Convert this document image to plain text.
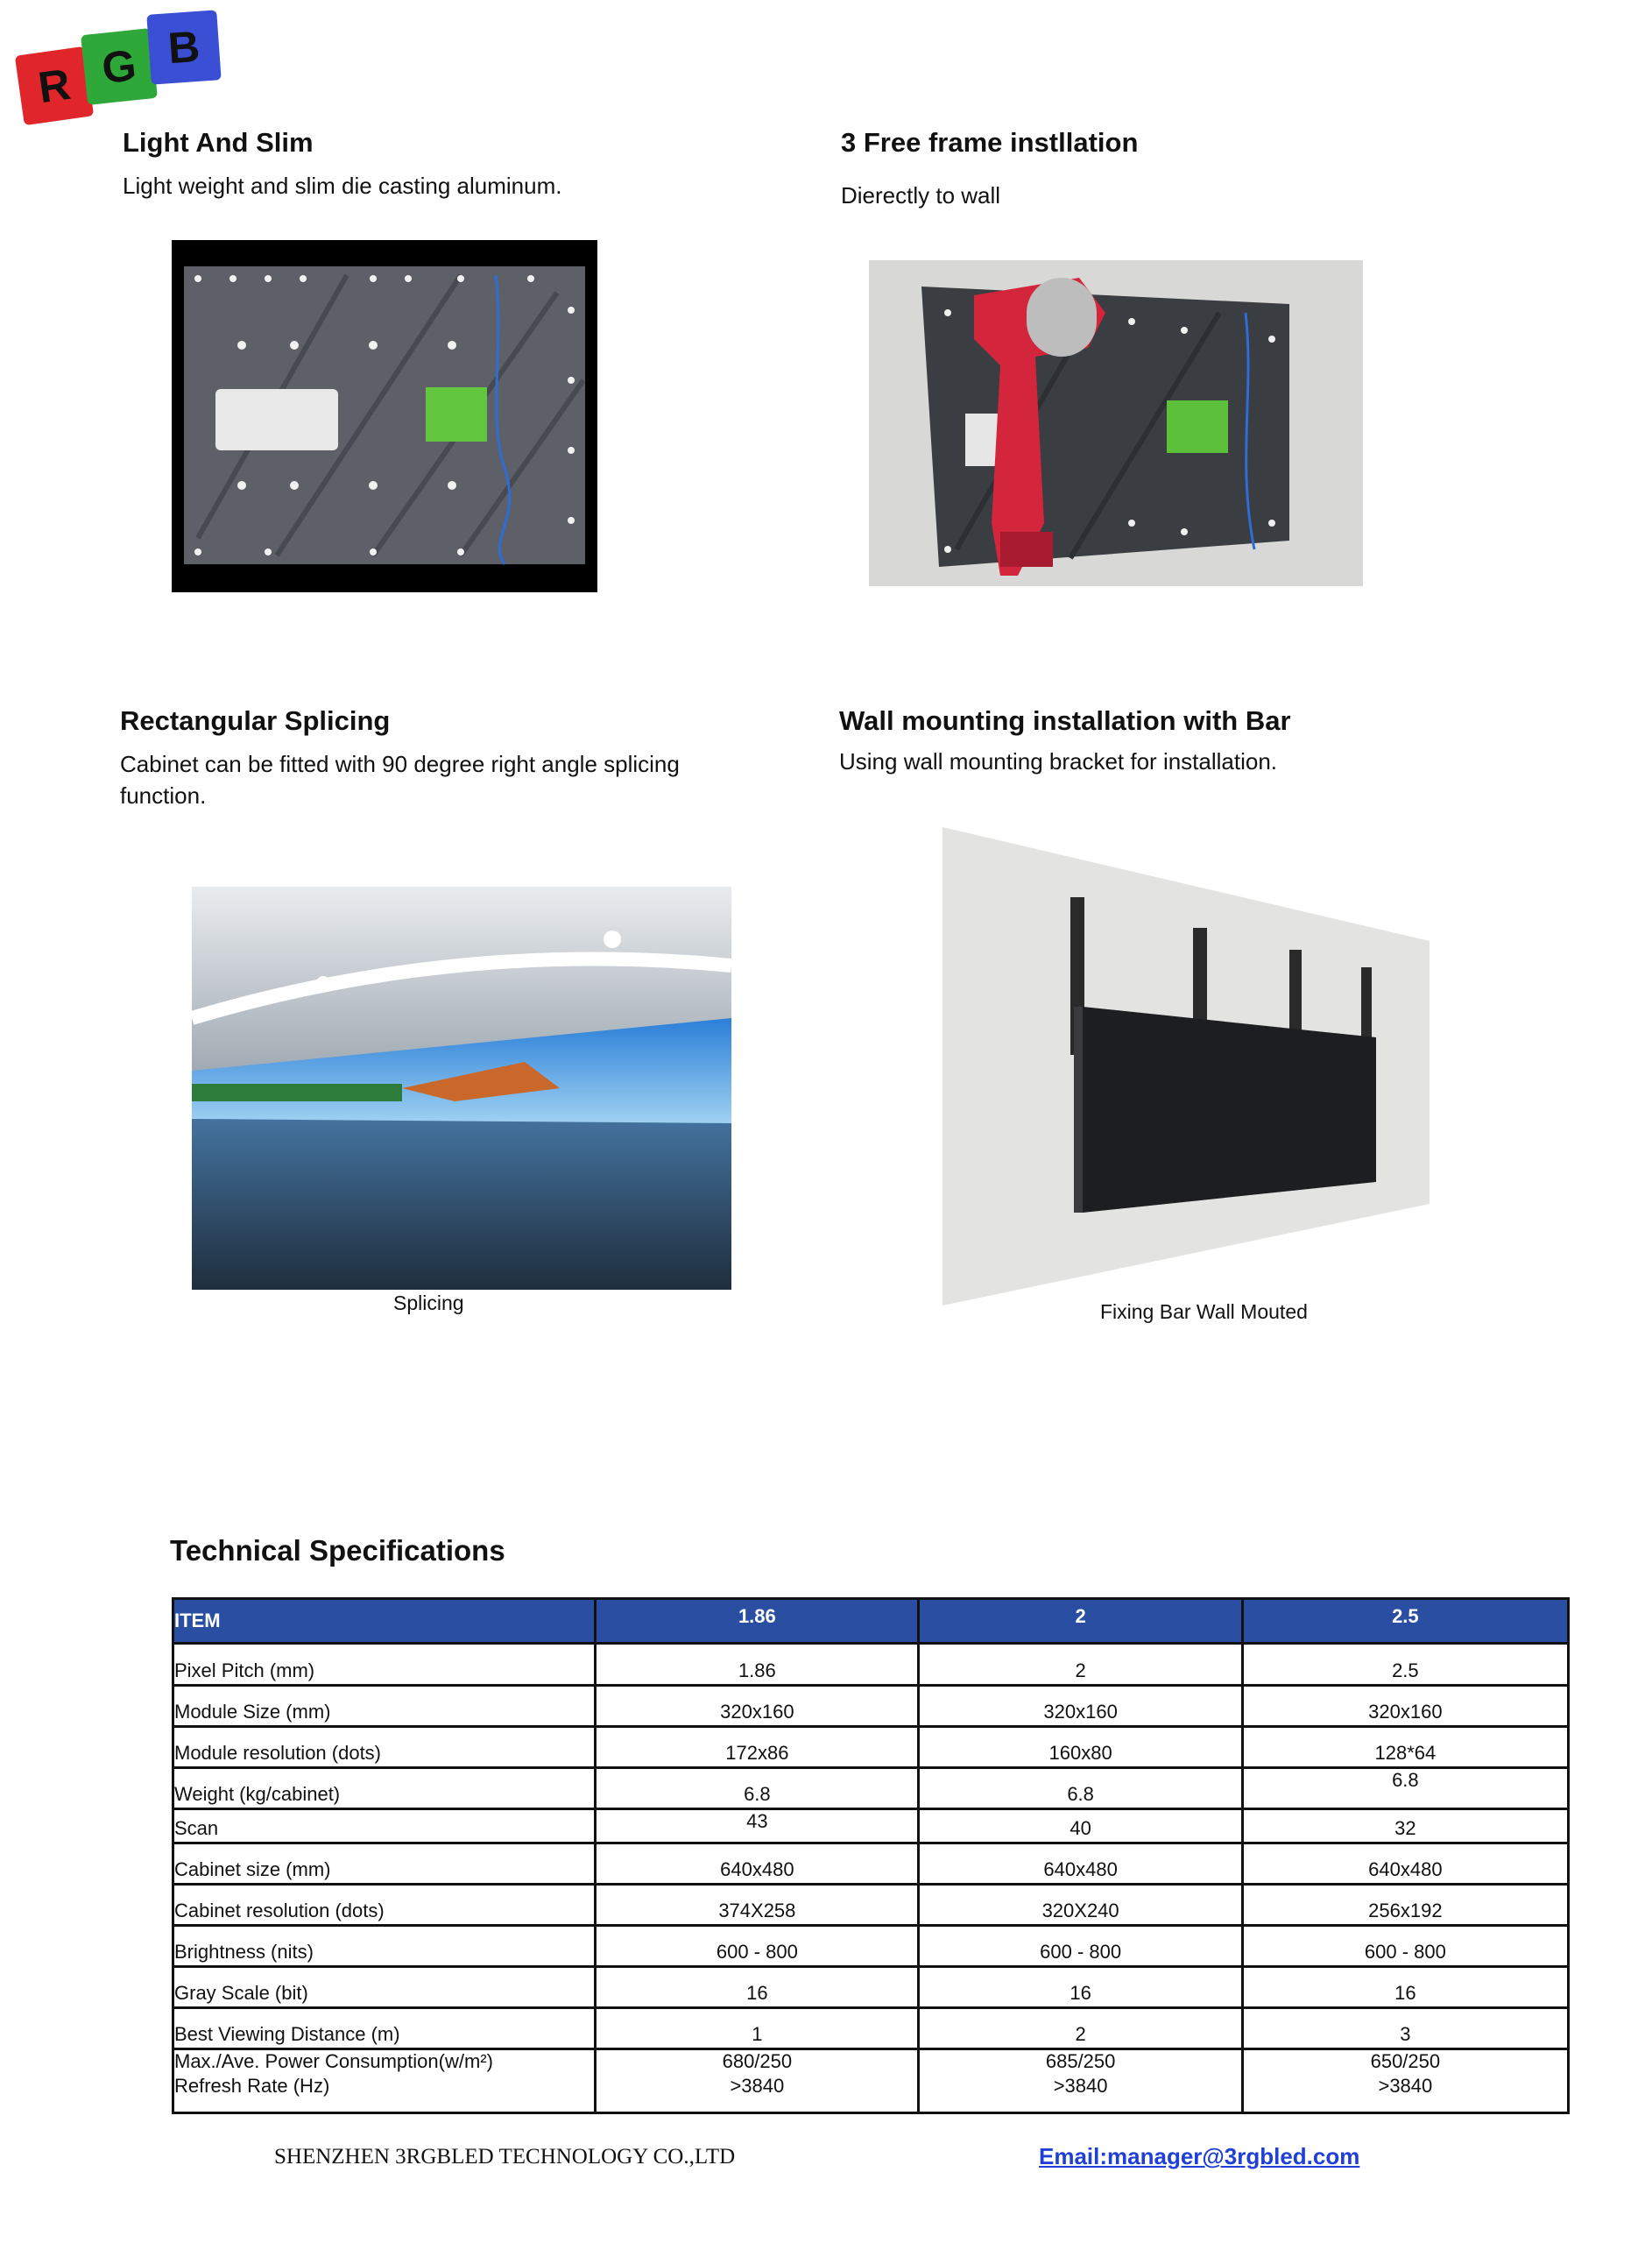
R G B
Light And Slim
Light weight and slim die casting aluminum.
3 Free frame instllation
Dierectly to wall
Rectangular Splicing
Cabinet can be fitted with 90 degree right angle splicing function.
Splicing
Wall mounting installation with Bar
Using wall mounting bracket for installation.
Fixing Bar Wall Mouted
Technical Specifications
ITEM	1.86	2	2.5
Pixel Pitch (mm)	1.86	2	2.5
Module Size (mm)	320x160	320x160	320x160
Module resolution (dots)	172x86	160x80	128*64
Weight (kg/cabinet)	6.8	6.8	6.8
Scan	43	40	32
Cabinet size (mm)	640x480	640x480	640x480
Cabinet resolution (dots)	374X258	320X240	256x192
Brightness (nits)	600 - 800	600 - 800	600 - 800
Gray Scale (bit)	16	16	16
Best Viewing Distance (m)	1	2	3
Max./Ave. Power Consumption(w/m²)	680/250	685/250	650/250
Refresh Rate (Hz)	>3840	>3840	>3840
SHENZHEN 3RGBLED TECHNOLOGY CO.,LTD	Email:manager@3rgbled.com
